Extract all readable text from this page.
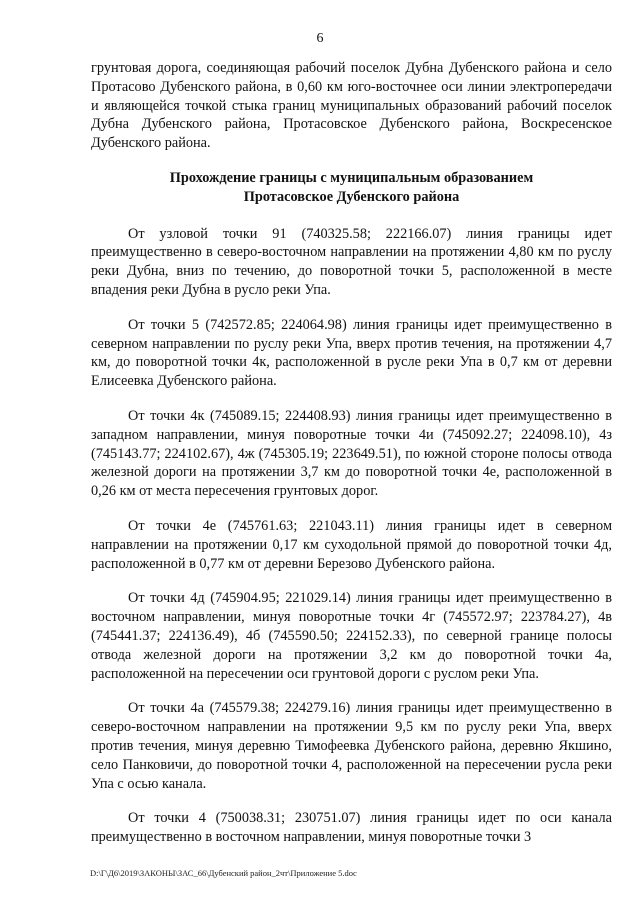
6

грунтовая дорога, соединяющая рабочий поселок Дубна Дубенского района и село Протасово Дубенского района, в 0,60 км юго-восточнее оси линии электропередачи и являющейся точкой стыка границ муниципальных образований рабочий поселок Дубна Дубенского района, Протасовское Дубенского района, Воскресенское Дубенского района.

Прохождение границы с муниципальным образованием
Протасовское Дубенского района

От узловой точки 91 (740325.58; 222166.07) линия границы идет преимущественно в северо-восточном направлении на протяжении 4,80 км по руслу реки Дубна, вниз по течению, до поворотной точки 5, расположенной в месте впадения реки Дубна в русло реки Упа.

От точки 5 (742572.85; 224064.98) линия границы идет преимущественно в северном направлении по руслу реки Упа, вверх против течения, на протяжении 4,7 км, до поворотной точки 4к, расположенной в русле реки Упа в 0,7 км от деревни Елисеевка Дубенского района.

От точки 4к (745089.15; 224408.93) линия границы идет преимущественно в западном направлении, минуя поворотные точки 4и (745092.27; 224098.10), 4з (745143.77; 224102.67), 4ж (745305.19; 223649.51), по южной стороне полосы отвода железной дороги на протяжении 3,7 км до поворотной точки 4е, расположенной в 0,26 км от места пересечения грунтовых дорог.

От точки 4е (745761.63; 221043.11) линия границы идет в северном направлении на протяжении 0,17 км суходольной прямой до поворотной точки 4д, расположенной в 0,77 км от деревни Березово Дубенского района.

От точки 4д (745904.95; 221029.14) линия границы идет преимущественно в восточном направлении, минуя поворотные точки 4г (745572.97; 223784.27), 4в (745441.37; 224136.49), 4б (745590.50; 224152.33), по северной границе полосы отвода железной дороги на протяжении 3,2 км до поворотной точки 4а, расположенной на пересечении оси грунтовой дороги с руслом реки Упа.

От точки 4а (745579.38; 224279.16) линия границы идет преимущественно в северо-восточном направлении на протяжении 9,5 км по руслу реки Упа, вверх против течения, минуя деревню Тимофеевка Дубенского района, деревню Якшино, село Панковичи, до поворотной точки 4, расположенной на пересечении русла реки Упа с осью канала.

От точки 4 (750038.31; 230751.07) линия границы идет по оси канала преимущественно в восточном направлении, минуя поворотные точки 3

D:\Г\Д6\2019\ЗАКОНЫ\ЗАС_66\Дубенский район_2чт\Приложение 5.doc
